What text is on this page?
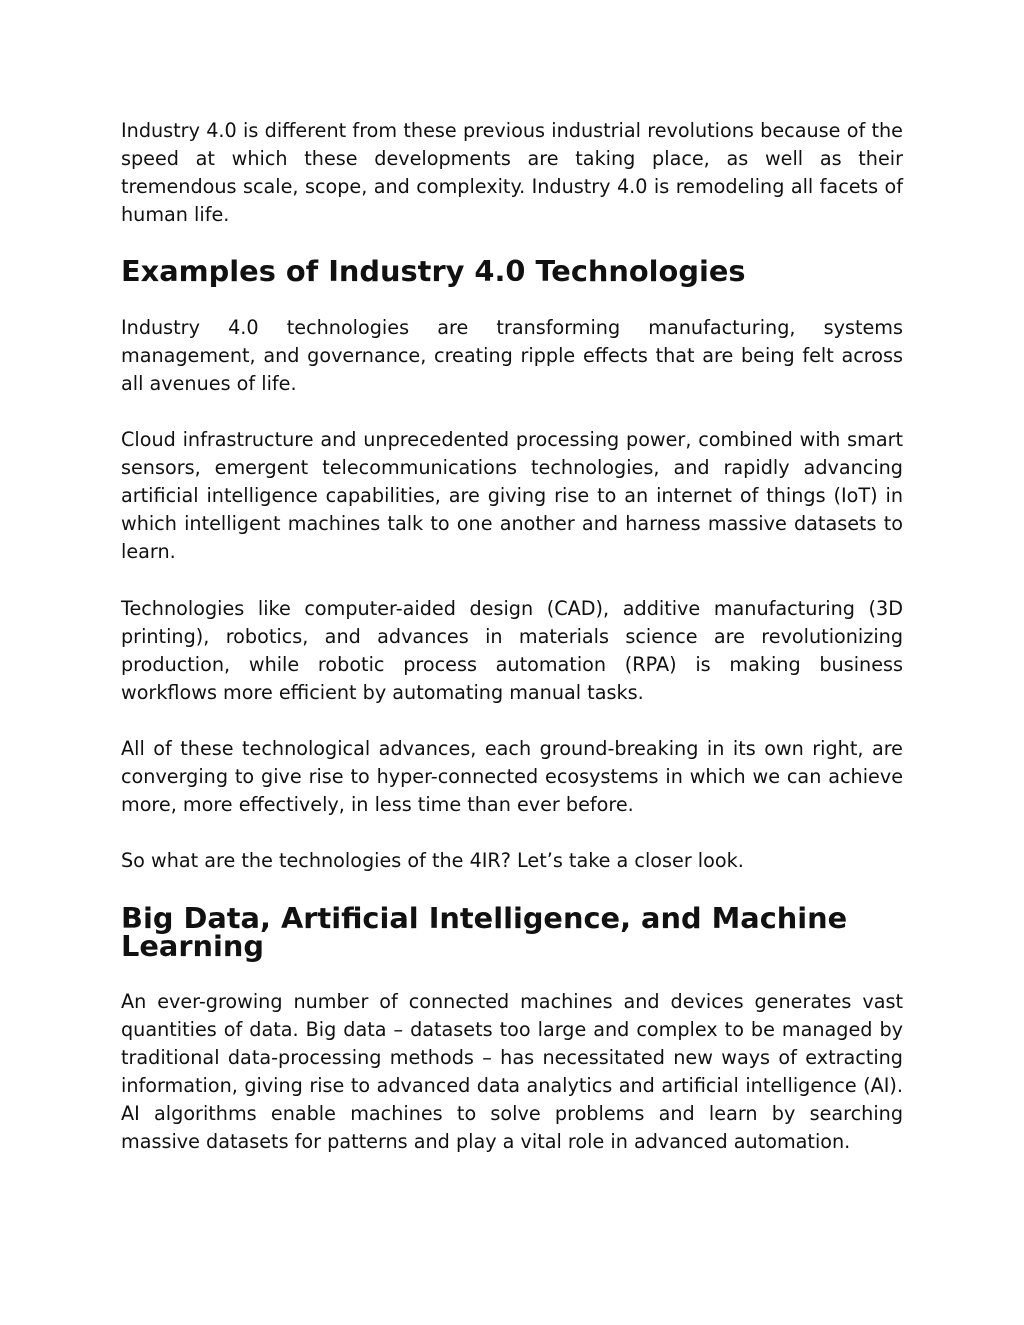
Industry 4.0 is different from these previous industrial revolutions because of the speed at which these developments are taking place, as well as their tremendous scale, scope, and complexity. Industry 4.0 is remodeling all facets of human life.

Examples of Industry 4.0 Technologies

Industry 4.0 technologies are transforming manufacturing, systems management, and governance, creating ripple effects that are being felt across all avenues of life.

Cloud infrastructure and unprecedented processing power, combined with smart sensors, emergent telecommunications technologies, and rapidly advancing artificial intelligence capabilities, are giving rise to an internet of things (IoT) in which intelligent machines talk to one another and harness massive datasets to learn.

Technologies like computer-aided design (CAD), additive manufacturing (3D printing), robotics, and advances in materials science are revolutionizing production, while robotic process automation (RPA) is making business workflows more efficient by automating manual tasks.

All of these technological advances, each ground-breaking in its own right, are converging to give rise to hyper-connected ecosystems in which we can achieve more, more effectively, in less time than ever before.

So what are the technologies of the 4IR? Let’s take a closer look.

Big Data, Artificial Intelligence, and Machine Learning

An ever-growing number of connected machines and devices generates vast quantities of data. Big data – datasets too large and complex to be managed by traditional data-processing methods – has necessitated new ways of extracting information, giving rise to advanced data analytics and artificial intelligence (AI). AI algorithms enable machines to solve problems and learn by searching massive datasets for patterns and play a vital role in advanced automation.
